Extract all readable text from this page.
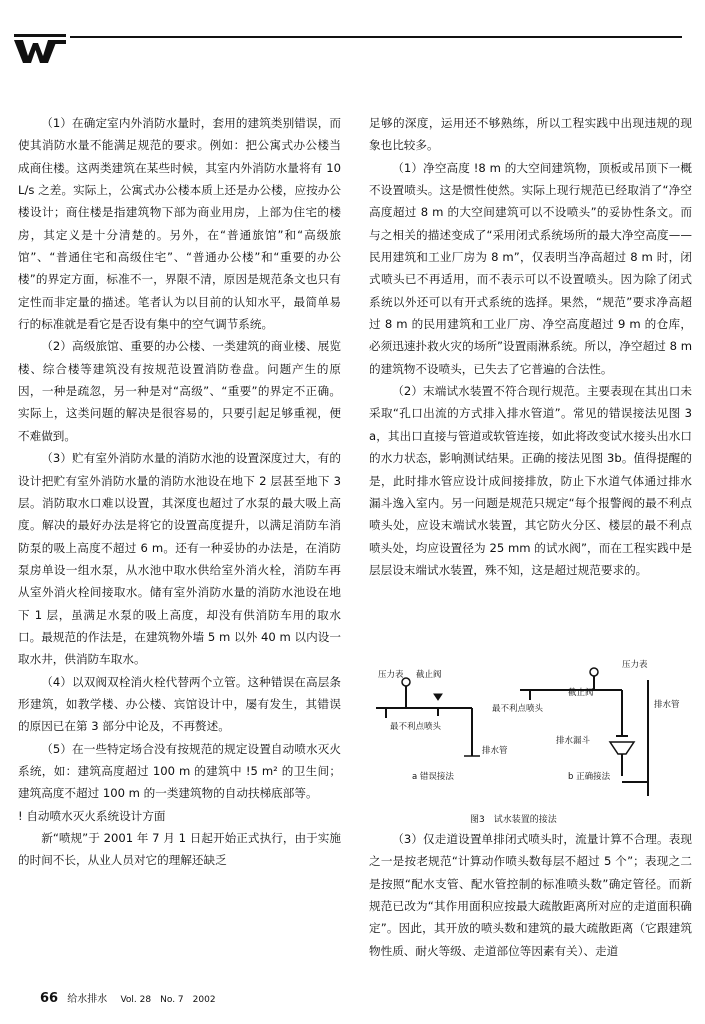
（1）在确定室内外消防水量时，套用的建筑类别错误，而使其消防水量不能满足规范的要求。例如：把公寓式办公楼当成商住楼。这两类建筑在某些时候，其室内外消防水量将有 10 L/s 之差。实际上，公寓式办公楼本质上还是办公楼，应按办公楼设计；商住楼是指建筑物下部为商业用房，上部为住宅的楼房，其定义是十分清楚的。另外，在“普通旅馆”和“高级旅馆”、“普通住宅和高级住宅”、“普通办公楼”和“重要的办公楼”的界定方面，标准不一，界限不清，原因是规范条文也只有定性而非定量的描述。笔者认为以目前的认知水平，最简单易行的标准就是看它是否设有集中的空气调节系统。

（2）高级旅馆、重要的办公楼、一类建筑的商业楼、展览楼、综合楼等建筑没有按规范设置消防卷盘。问题产生的原因，一种是疏忽，另一种是对“高级”、“重要”的界定不正确。实际上，这类问题的解决是很容易的，只要引起足够重视，便不难做到。

（3）贮有室外消防水量的消防水池的设置深度过大，有的设计把贮有室外消防水量的消防水池设在地下 2 层甚至地下 3 层。消防取水口难以设置，其深度也超过了水泵的最大吸上高度。解决的最好办法是将它的设置高度提升，以满足消防车消防泵的吸上高度不超过 6 m。还有一种妥协的办法是，在消防泵房单设一组水泵，从水池中取水供给室外消火栓，消防车再从室外消火栓间接取水。储有室外消防水量的消防水池设在地下 1 层，虽满足水泵的吸上高度，却没有供消防车用的取水口。最规范的作法是，在建筑物外墙 5 m 以外 40 m 以内设一取水井，供消防车取水。

（4）以双阀双栓消火栓代替两个立管。这种错误在高层条形建筑，如教学楼、办公楼、宾馆设计中，屡有发生，其错误的原因已在第 3 部分中论及，不再赘述。

（5）在一些特定场合没有按规范的规定设置自动喷水灭火系统，如：建筑高度超过 100 m 的建筑中 !5 m² 的卫生间；建筑高度不超过 100 m 的一类建筑物的自动扶梯底部等。

! 自动喷水灭火系统设计方面

新“喷规”于 2001 年 7 月 1 日起开始正式执行，由于实施的时间不长，从业人员对它的理解还缺乏

足够的深度，运用还不够熟练，所以工程实践中出现违规的现象也比较多。

（1）净空高度 !8 m 的大空间建筑物，顶板或吊顶下一概不设置喷头。这是惯性使然。实际上现行规范已经取消了“净空高度超过 8 m 的大空间建筑可以不设喷头”的妥协性条文。而与之相关的描述变成了“采用闭式系统场所的最大净空高度——民用建筑和工业厂房为 8 m”，仅表明当净高超过 8 m 时，闭式喷头已不再适用，而不表示可以不设置喷头。因为除了闭式系统以外还可以有开式系统的选择。果然，“规范”要求净高超过 8 m 的民用建筑和工业厂房、净空高度超过 9 m 的仓库，必须迅速扑救火灾的场所”设置雨淋系统。所以，净空超过 8 m 的建筑物不设喷头，已失去了它普遍的合法性。

（2）末端试水装置不符合现行规范。主要表现在其出口未采取“孔口出流的方式排入排水管道”。常见的错误接法见图 3a，其出口直接与管道或软管连接，如此将改变试水接头出水口的水力状态，影响测试结果。正确的接法见图 3b。值得提醒的是，此时排水管应设计成间接排放，防止下水道气体通过排水漏斗逸入室内。另一问题是规范只规定“每个报警阀的最不利点喷头处，应设末端试水装置，其它防火分区、楼层的最不利点喷头处，均应设置径为 25 mm 的试水阀”，而在工程实践中是层层设末端试水装置，殊不知，这是超过规范要求的。

压力表 截止阀
最不利点喷头
排水管
最不利点喷头
压力表
截止阀
排水管
排水漏斗
a 错误接法	b 正确接法
图3　试水装置的接法

（3）仅走道设置单排闭式喷头时，流量计算不合理。表现之一是按老规范“计算动作喷头数每层不超过 5 个”；表现之二是按照“配水支管、配水管控制的标准喷头数”确定管径。而新规范已改为“其作用面积应按最大疏散距离所对应的走道面积确定”。因此，其开放的喷头数和建筑的最大疏散距离（它跟建筑物性质、耐火等级、走道部位等因素有关）、走道

66 给水排水 Vol. 28　No. 7　2002
